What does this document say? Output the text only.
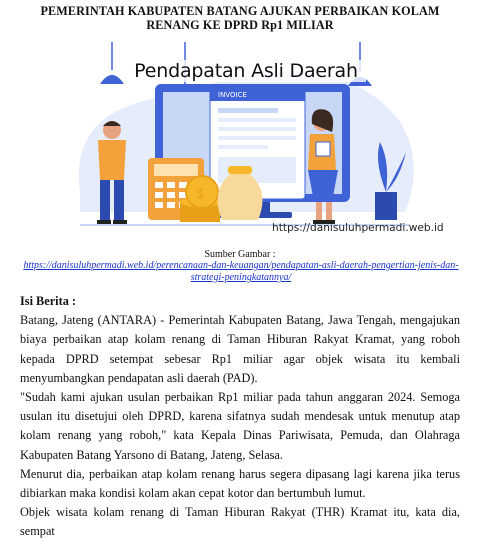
PEMERINTAH KABUPATEN BATANG AJUKAN PERBAIKAN KOLAM
RENANG KE DPRD Rp1 MILIAR
INVOICE
$
Pendapatan Asli Daerah
https://danisuluhpermadi.web.id
Sumber Gambar :
https://danisuluhpermadi.web.id/perencanaan-dan-keuangan/pendapatan-asli-daerah-pengertian-jenis-dan-
strategi-peningkatannya/
Isi Berita :

Batang, Jateng (ANTARA) - Pemerintah Kabupaten Batang, Jawa Tengah, mengajukan biaya perbaikan atap kolam renang di Taman Hiburan Rakyat Kramat, yang roboh kepada DPRD setempat sebesar Rp1 miliar agar objek wisata itu kembali menyumbangkan pendapatan asli daerah (PAD).

"Sudah kami ajukan usulan perbaikan Rp1 miliar pada tahun anggaran 2024. Semoga usulan itu disetujui oleh DPRD, karena sifatnya sudah mendesak untuk menutup atap kolam renang yang roboh," kata Kepala Dinas Pariwisata, Pemuda, dan Olahraga Kabupaten Batang Yarsono di Batang, Jateng, Selasa.

Menurut dia, perbaikan atap kolam renang harus segera dipasang lagi karena jika terus dibiarkan maka kondisi kolam akan cepat kotor dan bertumbuh lumut.

Objek wisata kolam renang di Taman Hiburan Rakyat (THR) Kramat itu, kata dia, sempat
